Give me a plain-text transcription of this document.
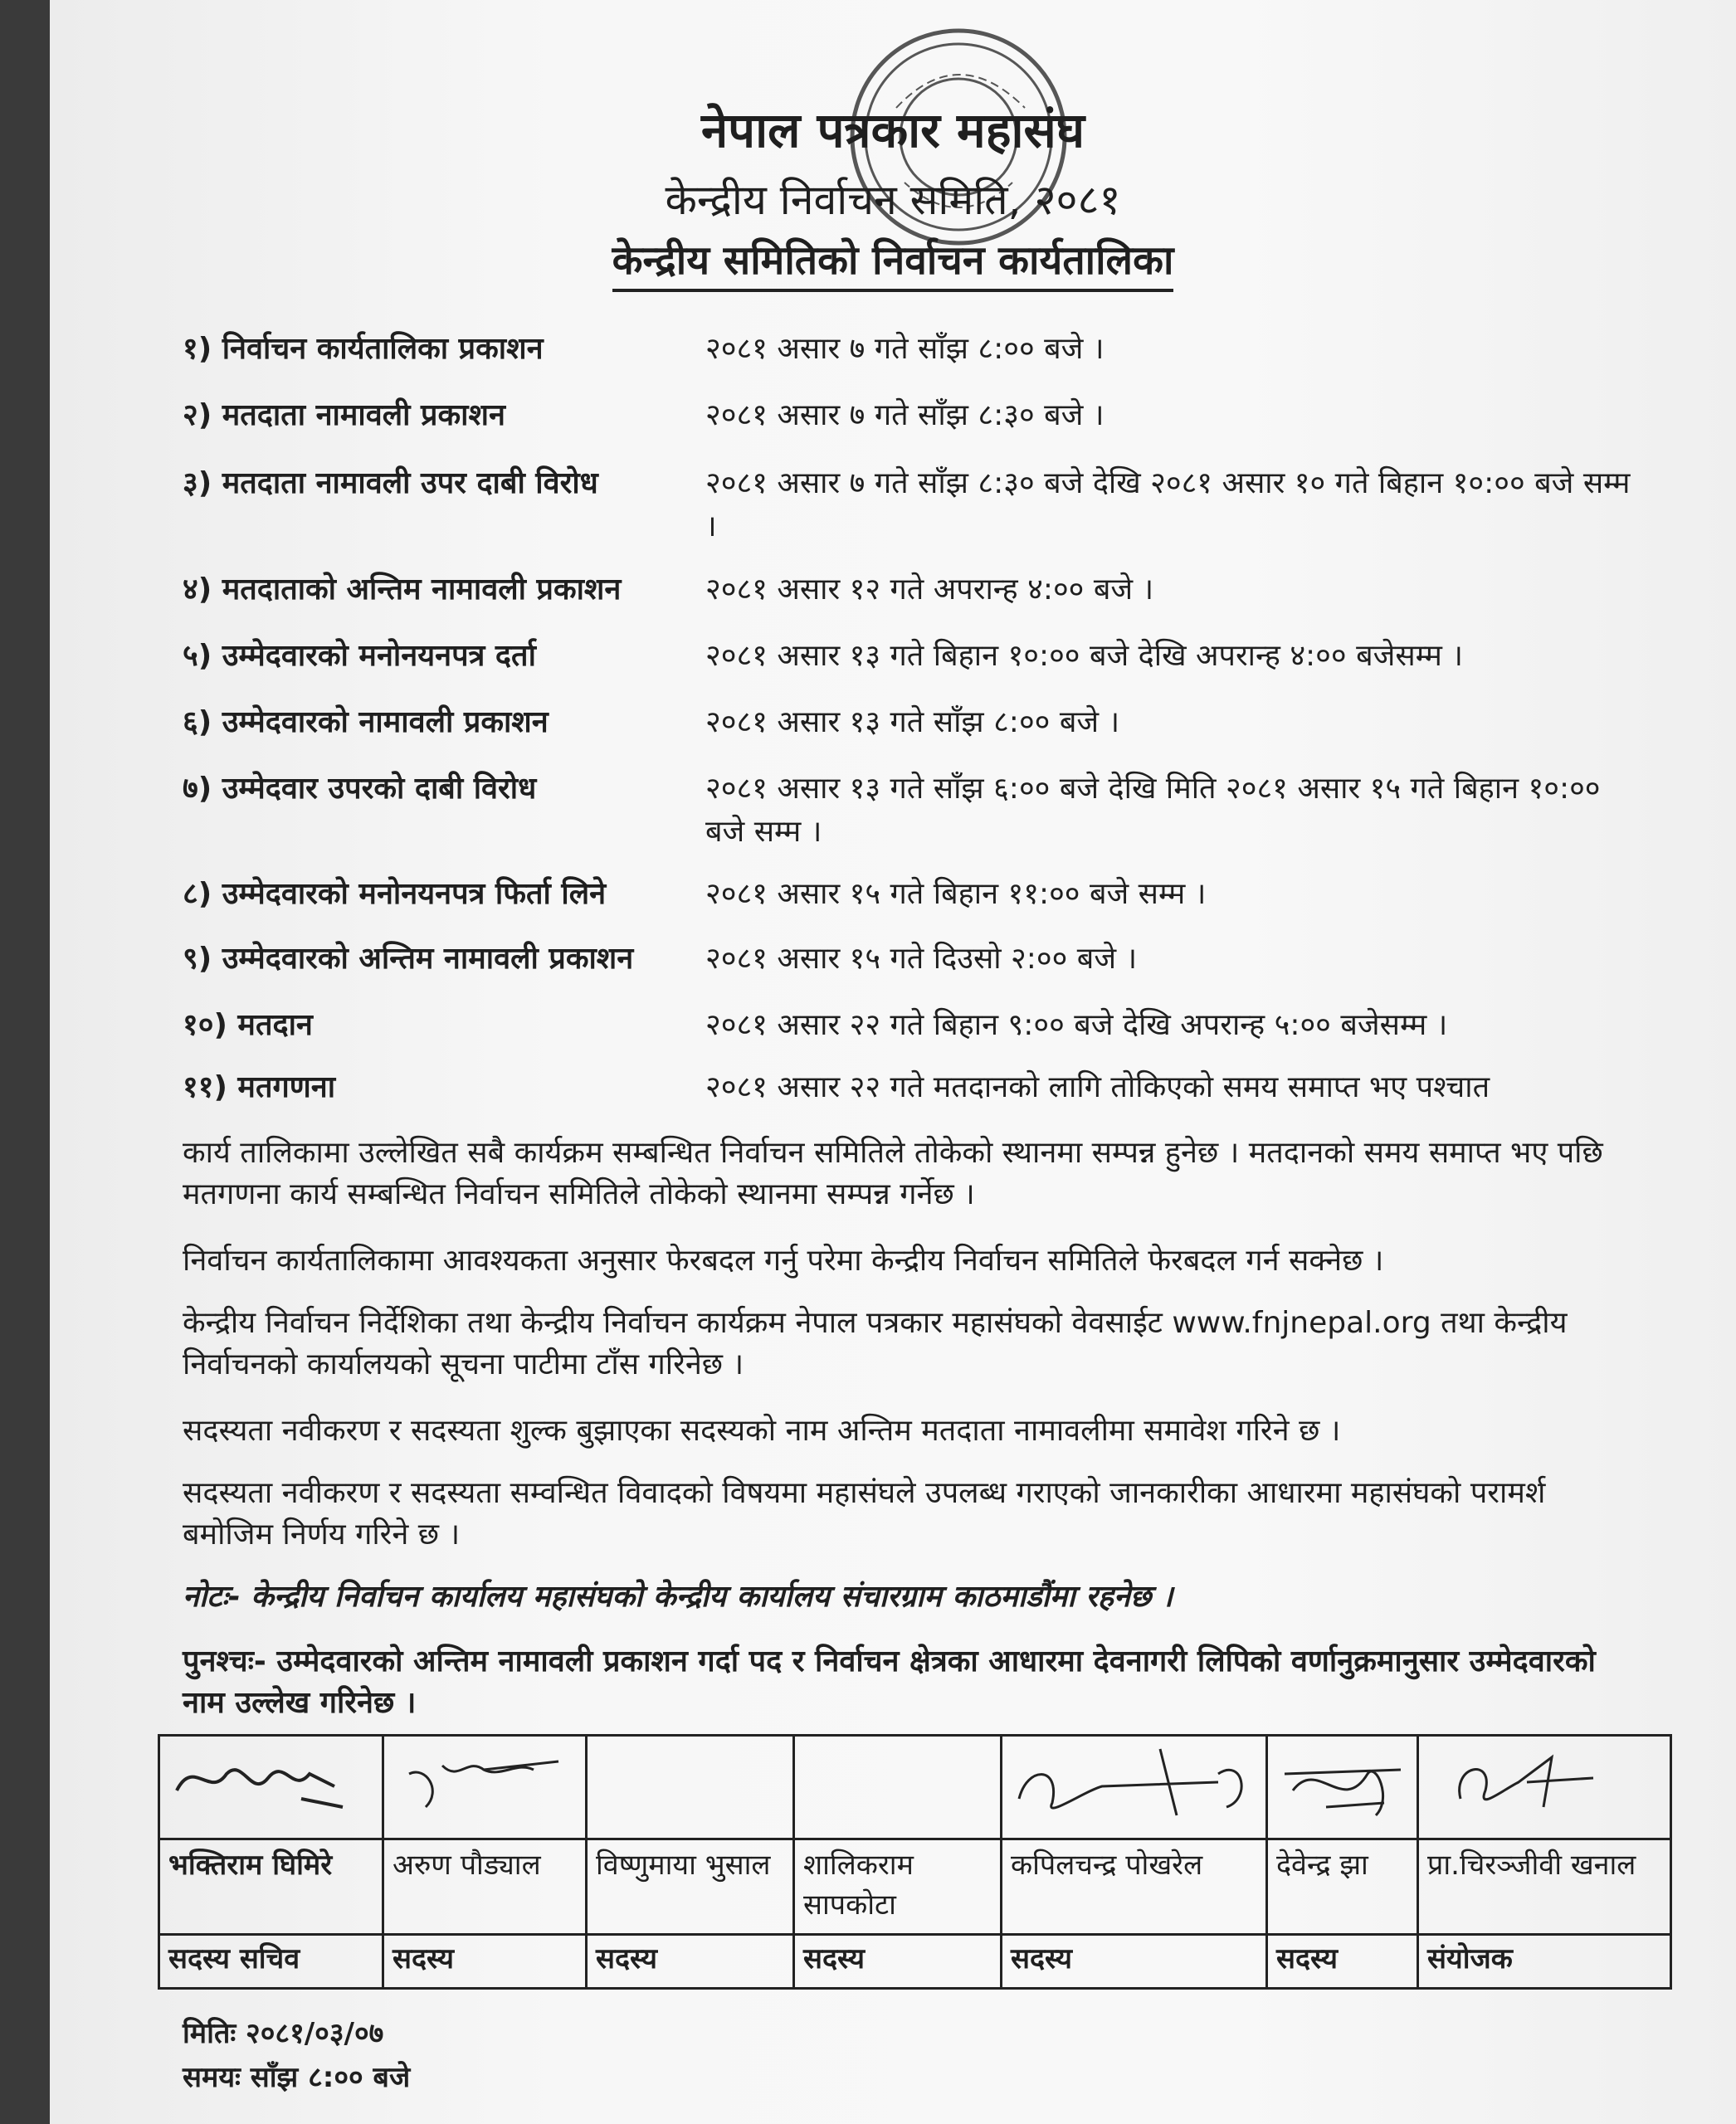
नेपाल पत्रकार महासंघ
केन्द्रीय निर्वाचन समिति, २०८१
केन्द्रीय समितिको निर्वाचन कार्यतालिका
१) निर्वाचन कार्यतालिका प्रकाशन	२०८१ असार ७ गते साँझ ८:०० बजे ।
२) मतदाता नामावली प्रकाशन	२०८१ असार ७ गते साँझ ८:३० बजे ।
३) मतदाता नामावली उपर दाबी विरोध	२०८१ असार ७ गते साँझ ८:३० बजे देखि २०८१ असार १० गते बिहान १०:०० बजे सम्म ।
४) मतदाताको अन्तिम नामावली प्रकाशन	२०८१ असार १२ गते अपरान्ह ४:०० बजे ।
५) उम्मेदवारको मनोनयनपत्र दर्ता	२०८१ असार १३ गते बिहान १०:०० बजे देखि अपरान्ह ४:०० बजेसम्म ।
६) उम्मेदवारको नामावली प्रकाशन	२०८१ असार १३ गते साँझ ८:०० बजे ।
७) उम्मेदवार उपरको दाबी विरोध	२०८१ असार १३ गते साँझ ६:०० बजे देखि मिति २०८१ असार १५ गते बिहान १०:०० बजे सम्म ।
८) उम्मेदवारको मनोनयनपत्र फिर्ता लिने	२०८१ असार १५ गते बिहान ११:०० बजे सम्म ।
९) उम्मेदवारको अन्तिम नामावली प्रकाशन	२०८१ असार १५ गते दिउसो २:०० बजे ।
१०) मतदान	२०८१ असार २२ गते बिहान ९:०० बजे देखि अपरान्ह ५:०० बजेसम्म ।
११) मतगणना	२०८१ असार २२ गते मतदानको लागि तोकिएको समय समाप्त भए पश्चात
कार्य तालिकामा उल्लेखित सबै कार्यक्रम सम्बन्धित निर्वाचन समितिले तोकेको स्थानमा सम्पन्न हुनेछ । मतदानको समय समाप्त भए पछि मतगणना कार्य सम्बन्धित निर्वाचन समितिले तोकेको स्थानमा सम्पन्न गर्नेछ ।
निर्वाचन कार्यतालिकामा आवश्यकता अनुसार फेरबदल गर्नु परेमा केन्द्रीय निर्वाचन समितिले फेरबदल गर्न सक्नेछ ।
केन्द्रीय निर्वाचन निर्देशिका तथा केन्द्रीय निर्वाचन कार्यक्रम नेपाल पत्रकार महासंघको वेवसाईट www.fnjnepal.org तथा केन्द्रीय निर्वाचनको कार्यालयको सूचना पाटीमा टाँस गरिनेछ ।
सदस्यता नवीकरण र सदस्यता शुल्क बुझाएका सदस्यको नाम अन्तिम मतदाता नामावलीमा समावेश गरिने छ ।
सदस्यता नवीकरण र सदस्यता सम्वन्धित विवादको विषयमा महासंघले उपलब्ध गराएको जानकारीका आधारमा महासंघको परामर्श बमोजिम निर्णय गरिने छ ।
नोटः- केन्द्रीय निर्वाचन कार्यालय महासंघको केन्द्रीय कार्यालय संचारग्राम काठमाडौंमा रहनेछ ।
पुनश्चः- उम्मेदवारको अन्तिम नामावली प्रकाशन गर्दा पद र निर्वाचन क्षेत्रका आधारमा देवनागरी लिपिको वर्णानुक्रमानुसार उम्मेदवारको नाम उल्लेख गरिनेछ ।

भक्तिराम घिमिरे	अरुण पौड्याल	विष्णुमाया भुसाल	शालिकराम सापकोटा	कपिलचन्द्र पोखरेल	देवेन्द्र झा	प्रा.चिरञ्जीवी खनाल
सदस्य सचिव	सदस्य	सदस्य	सदस्य	सदस्य	सदस्य	संयोजक
मितिः २०८१/०३/०७
समयः साँझ ८:०० बजे
